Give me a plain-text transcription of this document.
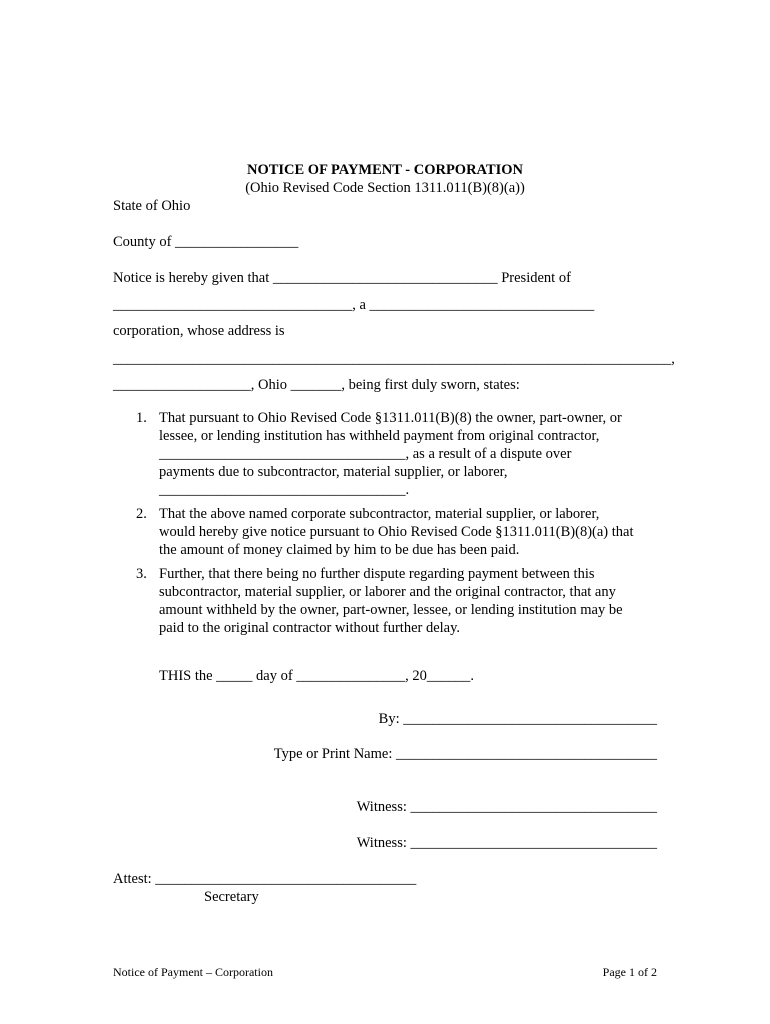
NOTICE OF PAYMENT - CORPORATION
(Ohio Revised Code Section 1311.011(B)(8)(a))
State of Ohio
County of _________________
Notice is hereby given that _______________________________ President of
_________________________________, a _______________________________
corporation, whose address is
_____________________________________________________________________________,
___________________, Ohio _______, being first duly sworn, states:
1. That pursuant to Ohio Revised Code §1311.011(B)(8) the owner, part-owner, or
lessee, or lending institution has withheld payment from original contractor,
__________________________________, as a result of a dispute over
payments due to subcontractor, material supplier, or laborer,
__________________________________.
2. That the above named corporate subcontractor, material supplier, or laborer,
would hereby give notice pursuant to Ohio Revised Code §1311.011(B)(8)(a) that
the amount of money claimed by him to be due has been paid.
3. Further, that there being no further dispute regarding payment between this
subcontractor, material supplier, or laborer and the original contractor, that any
amount withheld by the owner, part-owner, lessee, or lending institution may be
paid to the original contractor without further delay.
THIS the _____ day of _______________, 20______.
By: ___________________________________
Type or Print Name: ____________________________________
Witness: __________________________________
Witness: __________________________________
Attest: ____________________________________
Secretary
Notice of Payment – Corporation	Page 1 of 2
